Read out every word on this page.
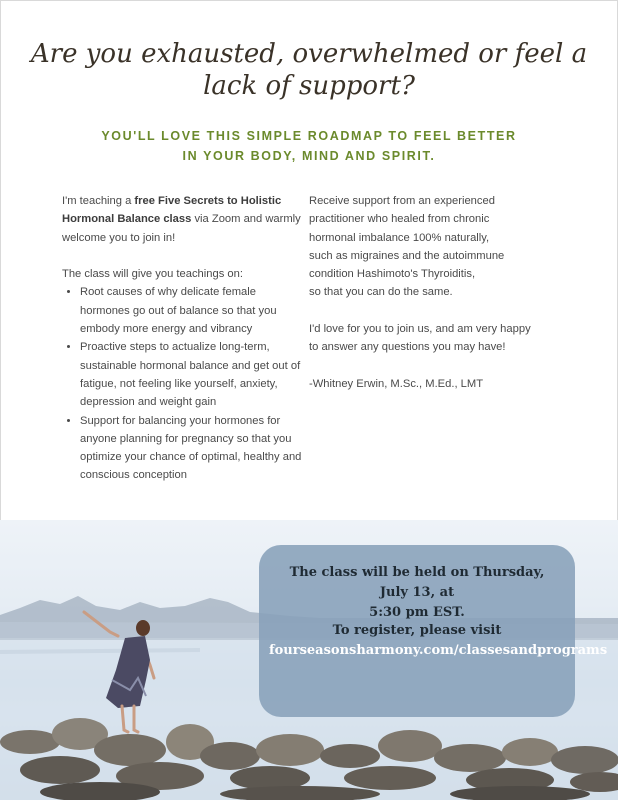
Are you exhausted, overwhelmed or feel a lack of support?
YOU'LL LOVE THIS SIMPLE ROADMAP TO FEEL BETTER
IN YOUR BODY, MIND AND SPIRIT.

I'm teaching a free Five Secrets to Holistic Hormonal Balance class via Zoom and warmly welcome you to join in!

The class will give you teachings on:

• Root causes of why delicate female hormones go out of balance so that you embody more energy and vibrancy
• Proactive steps to actualize long-term, sustainable hormonal balance and get out of fatigue, not feeling like yourself, anxiety, depression and weight gain
• Support for balancing your hormones for anyone planning for pregnancy so that you optimize your chance of optimal, healthy and conscious conception

Receive support from an experienced

practitioner who healed from chronic

hormonal imbalance 100% naturally,

such as migraines and the autoimmune

condition Hashimoto's Thyroiditis,

so that you can do the same.

I'd love for you to join us, and am very happy

to answer any questions you may have!

-Whitney Erwin, M.Sc., M.Ed., LMT

The class will be held on Thursday, July 13, at

5:30 pm EST.

To register, please visit

fourseasonsharmony.com/classesandprograms
